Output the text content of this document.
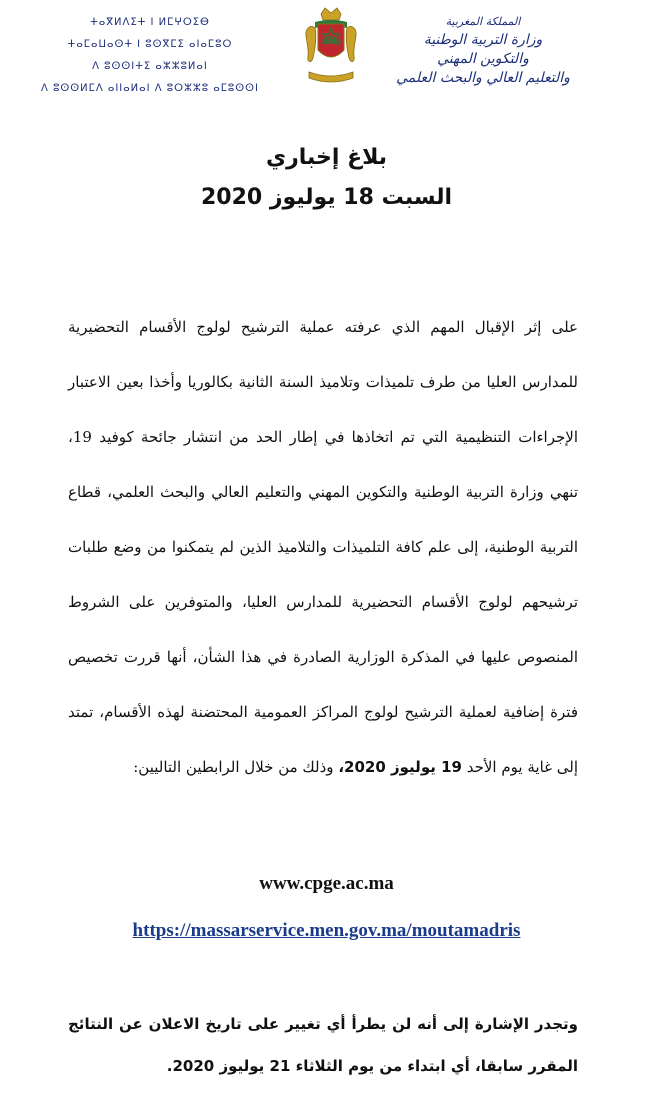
المملكة المغربية
وزارة التربية الوطنية
والتكوين المهني
والتعليم العالي والبحث العلمي
ⵜⴰⴳⵍⴷⵉⵜ ⵏ ⵍⵎⵖⵔⵉⴱ
ⵜⴰⵎⴰⵡⴰⵙⵜ ⵏ ⵓⵙⴳⵎⵉ ⴰⵏⴰⵎⵓⵔ
ⴷ ⵓⵙⵙⵏⵜⵉ ⴰⵣⵣⵓⵍⴰⵏ
ⴷ ⵓⵙⵙⵍⵎⴷ ⴰⵏⵏⴰⵍⴰⵏ ⴷ ⵓⵔⵣⵣⵓ ⴰⵎⵓⵙⵙⵏ
بلاغ إخباري
السبت 18 يوليوز 2020
على إثر الإقبال المهم الذي عرفته عملية الترشيح لولوج الأقسام التحضيرية للمدارس العليا من طرف تلميذات وتلاميذ السنة الثانية بكالوريا وأخذا بعين الاعتبار الإجراءات التنظيمية التي تم اتخاذها في إطار الحد من انتشار جائحة كوفيد 19، تنهي وزارة التربية الوطنية والتكوين المهني والتعليم العالي والبحث العلمي، قطاع التربية الوطنية، إلى علم كافة التلميذات والتلاميذ الذين لم يتمكنوا من وضع طلبات ترشيحهم لولوج الأقسام التحضيرية للمدارس العليا، والمتوفرين على الشروط المنصوص عليها في المذكرة الوزارية الصادرة في هذا الشأن، أنها قررت تخصيص فترة إضافية لعملية الترشيح لولوج المراكز العمومية المحتضنة لهذه الأقسام، تمتد إلى غاية يوم الأحد 19 يوليوز 2020، وذلك من خلال الرابطين التاليين:
www.cpge.ac.ma
https://massarservice.men.gov.ma/moutamadris
وتجدر الإشارة إلى أنه لن يطرأ أي تغيير على تاريخ الاعلان عن النتائج المقرر سابقا، أي ابتداء من يوم الثلاثاء 21 يوليوز 2020.
